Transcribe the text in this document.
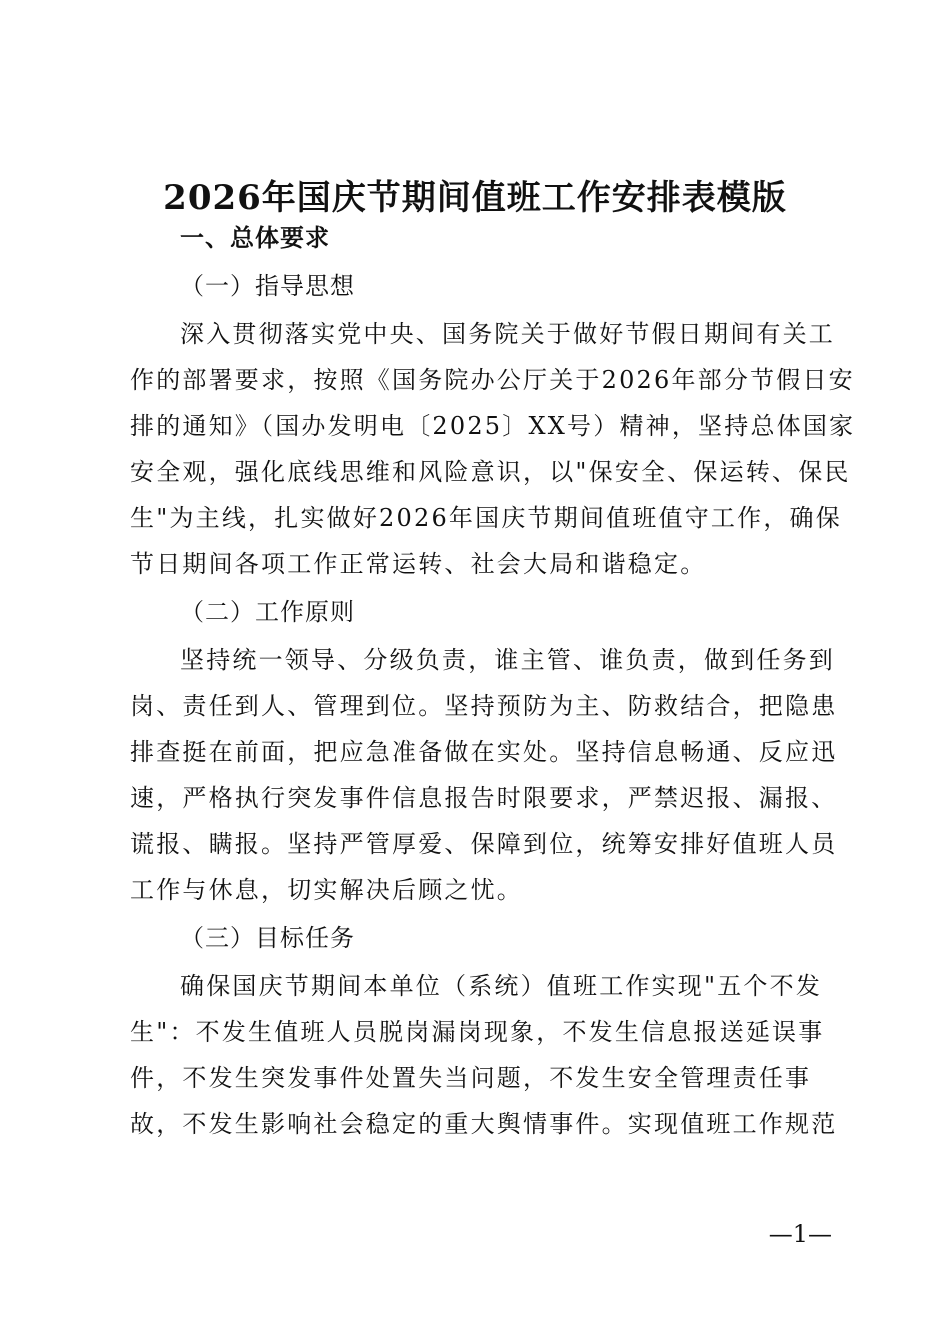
2026年国庆节期间值班工作安排表模版
一、总体要求
（一）指导思想
深入贯彻落实党中央、国务院关于做好节假日期间有关工
作的部署要求，按照《国务院办公厅关于2026年部分节假日安
排的通知》（国办发明电〔2025〕XX号）精神，坚持总体国家
安全观，强化底线思维和风险意识，以"保安全、保运转、保民
生"为主线，扎实做好2026年国庆节期间值班值守工作，确保
节日期间各项工作正常运转、社会大局和谐稳定。
（二）工作原则
坚持统一领导、分级负责，谁主管、谁负责，做到任务到
岗、责任到人、管理到位。坚持预防为主、防救结合，把隐患
排查挺在前面，把应急准备做在实处。坚持信息畅通、反应迅
速，严格执行突发事件信息报告时限要求，严禁迟报、漏报、
谎报、瞒报。坚持严管厚爱、保障到位，统筹安排好值班人员
工作与休息，切实解决后顾之忧。
（三）目标任务
确保国庆节期间本单位（系统）值班工作实现"五个不发
生"：不发生值班人员脱岗漏岗现象，不发生信息报送延误事
件，不发生突发事件处置失当问题，不发生安全管理责任事
故，不发生影响社会稳定的重大舆情事件。实现值班工作规范
—1—
